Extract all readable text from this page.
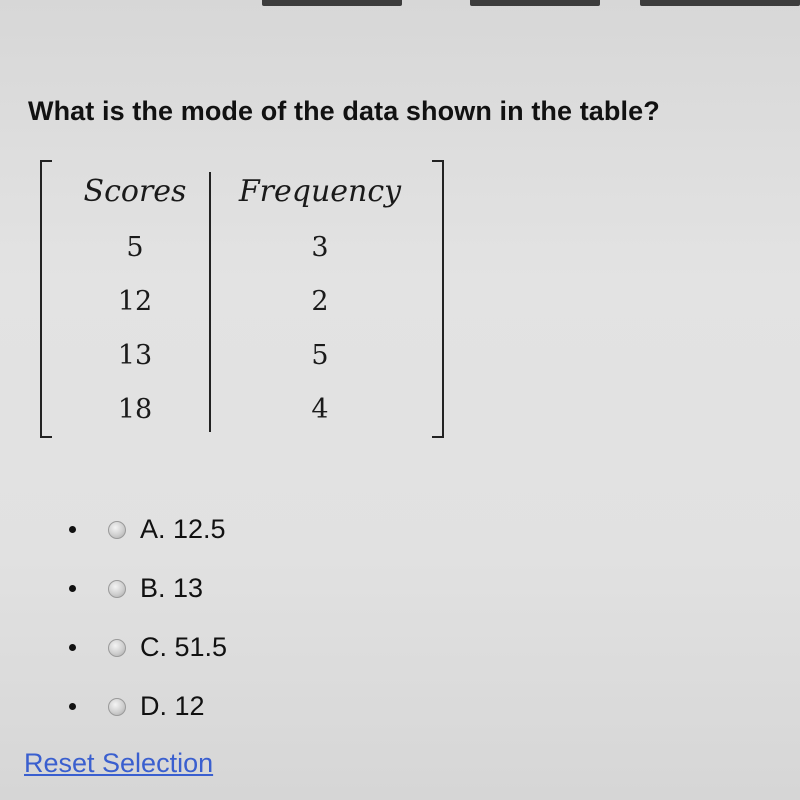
What is the mode of the data shown in the table?
Scores	Frequency
5	3
12	2
13	5
18	4
A. 12.5
B. 13
C. 51.5
D. 12
Reset Selection
